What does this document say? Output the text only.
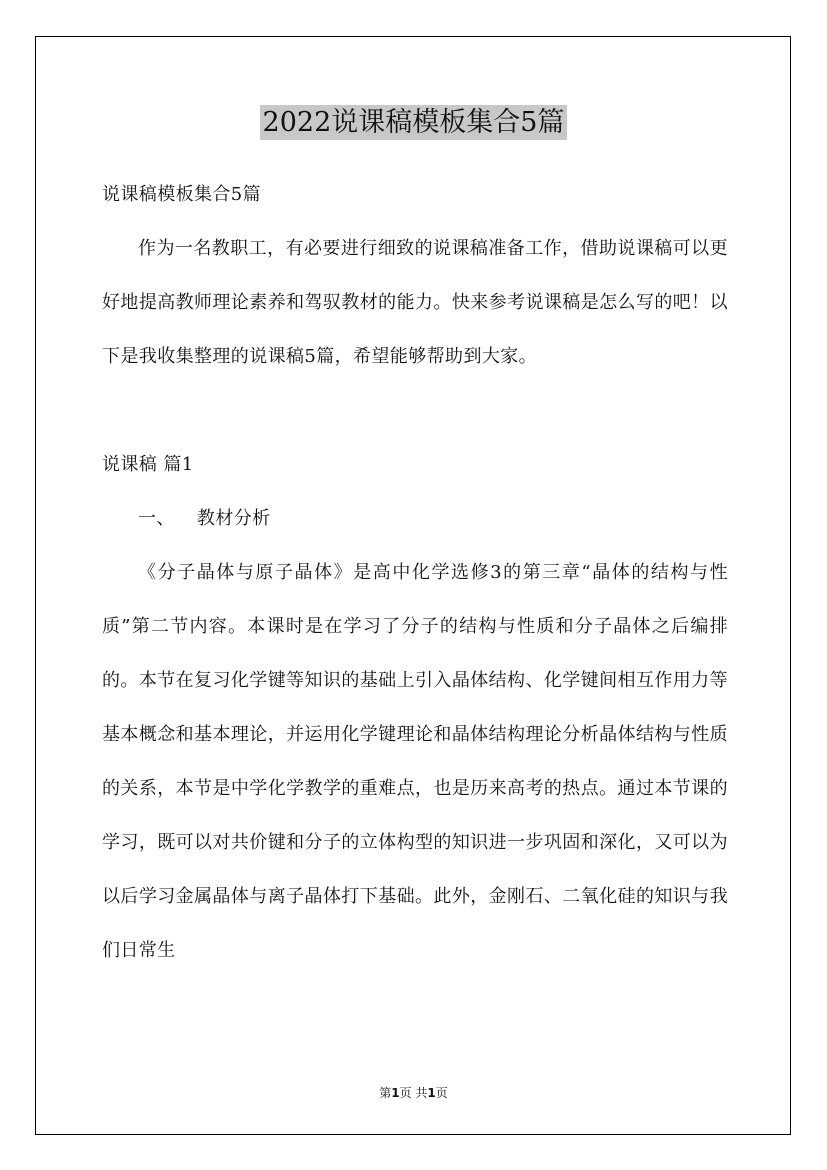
2022说课稿模板集合5篇

说课稿模板集合5篇

作为一名教职工，有必要进行细致的说课稿准备工作，借助说课稿可以更好地提高教师理论素养和驾驭教材的能力。快来参考说课稿是怎么写的吧！以下是我收集整理的说课稿5篇，希望能够帮助到大家。

说课稿 篇1

一、 教材分析

《分子晶体与原子晶体》是高中化学选修3的第三章“晶体的结构与性质”第二节内容。本课时是在学习了分子的结构与性质和分子晶体之后编排的。本节在复习化学键等知识的基础上引入晶体结构、化学键间相互作用力等基本概念和基本理论，并运用化学键理论和晶体结构理论分析晶体结构与性质的关系，本节是中学化学教学的重难点，也是历来高考的热点。通过本节课的学习，既可以对共价键和分子的立体构型的知识进一步巩固和深化，又可以为以后学习金属晶体与离子晶体打下基础。此外，金刚石、二氧化硅的知识与我们日常生

第1页 共1页
